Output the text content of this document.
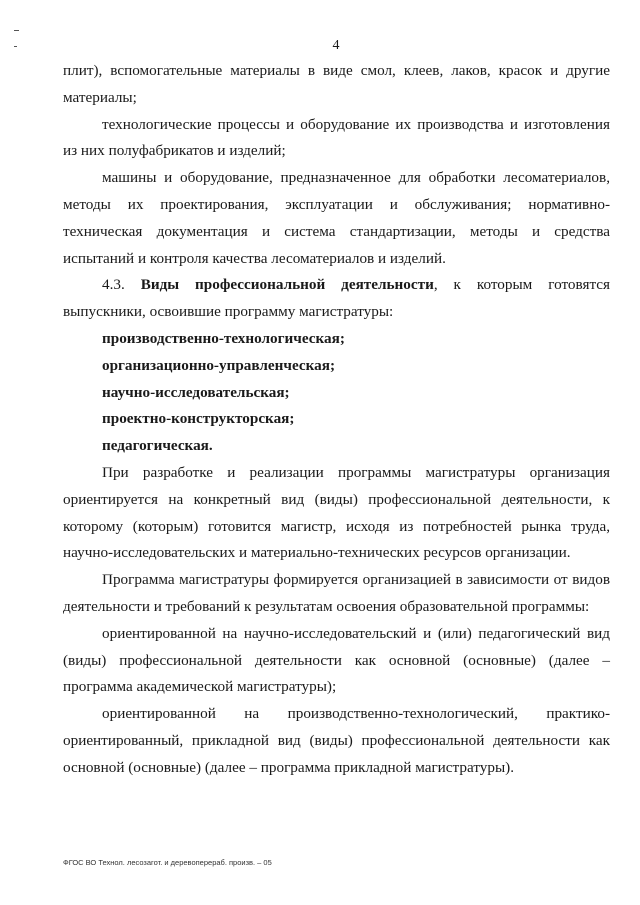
4

плит), вспомогательные материалы в виде смол, клеев, лаков, красок и другие материалы;

технологические процессы и оборудование их производства и изготовления из них полуфабрикатов и изделий;

машины и оборудование, предназначенное для обработки лесоматериалов, методы их проектирования, эксплуатации и обслуживания; нормативно-техническая документация и система стандартизации, методы и средства испытаний и контроля качества лесоматериалов и изделий.

4.3. Виды профессиональной деятельности, к которым готовятся выпускники, освоившие программу магистратуры:

производственно-технологическая;

организационно-управленческая;

научно-исследовательская;

проектно-конструкторская;

педагогическая.

При разработке и реализации программы магистратуры организация ориентируется на конкретный вид (виды) профессиональной деятельности, к которому (которым) готовится магистр, исходя из потребностей рынка труда, научно-исследовательских и материально-технических ресурсов организации.

Программа магистратуры формируется организацией в зависимости от видов деятельности и требований к результатам освоения образовательной программы:

ориентированной на научно-исследовательский и (или) педагогический вид (виды) профессиональной деятельности как основной (основные) (далее – программа академической магистратуры);

ориентированной на производственно-технологический, практико-ориентированный, прикладной вид (виды) профессиональной деятельности как основной (основные) (далее – программа прикладной магистратуры).

ФГОС ВО Технол. лесозагот. и деревоперераб. произв. – 05
